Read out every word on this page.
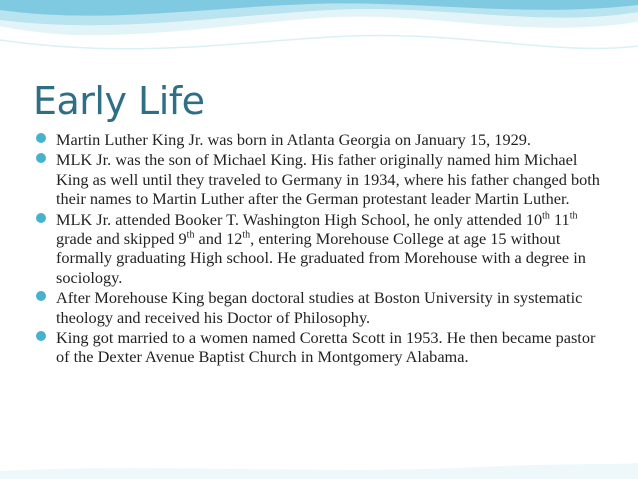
Early Life
Martin Luther King Jr. was born in Atlanta Georgia on January 15, 1929.
MLK Jr. was the son of Michael King. His father originally named him Michael King as well until they traveled to Germany in 1934, where his father changed both their names to Martin Luther after the German protestant leader Martin Luther.
MLK Jr. attended Booker T. Washington High School, he only attended 10th 11th grade and skipped 9th and 12th, entering Morehouse College at age 15 without formally graduating High school. He graduated from Morehouse with a degree in sociology.
After Morehouse King began doctoral studies at Boston University in systematic theology and received his Doctor of Philosophy.
King got married to a women named Coretta Scott in 1953. He then became pastor of the Dexter Avenue Baptist Church in Montgomery Alabama.
